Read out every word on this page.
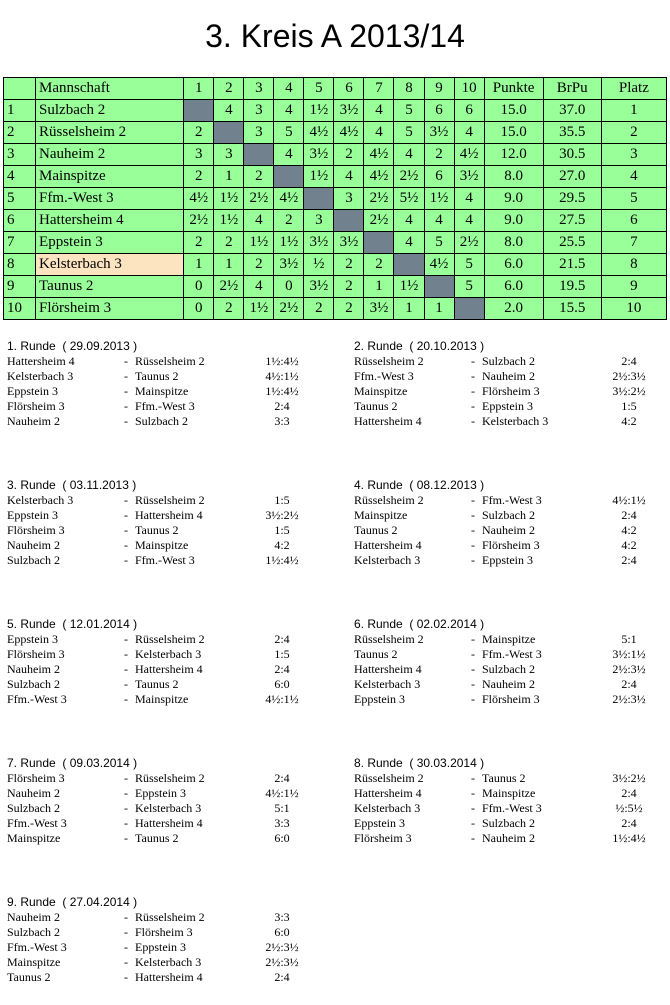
3. Kreis A 2013/14
	Mannschaft	1	2	3	4	5	6	7	8	9	10	Punkte	BrPu	Platz
1	Sulzbach 2		4	3	4	1½	3½	4	5	6	6	15.0	37.0	1
2	Rüsselsheim 2	2		3	5	4½	4½	4	5	3½	4	15.0	35.5	2
3	Nauheim 2	3	3		4	3½	2	4½	4	2	4½	12.0	30.5	3
4	Mainspitze	2	1	2		1½	4	4½	2½	6	3½	8.0	27.0	4
5	Ffm.-West 3	4½	1½	2½	4½		3	2½	5½	1½	4	9.0	29.5	5
6	Hattersheim 4	2½	1½	4	2	3		2½	4	4	4	9.0	27.5	6
7	Eppstein 3	2	2	1½	1½	3½	3½		4	5	2½	8.0	25.5	7
8	Kelsterbach 3	1	1	2	3½	½	2	2		4½	5	6.0	21.5	8
9	Taunus 2	0	2½	4	0	3½	2	1	1½		5	6.0	19.5	9
10	Flörsheim 3	0	2	1½	2½	2	2	3½	1	1		2.0	15.5	10
1. Runde  ( 29.09.2013 )
Hattersheim 4	- Rüsselsheim 2	1½:4½
Kelsterbach 3	- Taunus 2	4½:1½
Eppstein 3	- Mainspitze	1½:4½
Flörsheim 3	- Ffm.-West 3	2:4
Nauheim 2	- Sulzbach 2	3:3
2. Runde  ( 20.10.2013 )
Rüsselsheim 2	- Sulzbach 2	2:4
Ffm.-West 3	- Nauheim 2	2½:3½
Mainspitze	- Flörsheim 3	3½:2½
Taunus 2	- Eppstein 3	1:5
Hattersheim 4	- Kelsterbach 3	4:2
3. Runde  ( 03.11.2013 )
Kelsterbach 3	- Rüsselsheim 2	1:5
Eppstein 3	- Hattersheim 4	3½:2½
Flörsheim 3	- Taunus 2	1:5
Nauheim 2	- Mainspitze	4:2
Sulzbach 2	- Ffm.-West 3	1½:4½
4. Runde  ( 08.12.2013 )
Rüsselsheim 2	- Ffm.-West 3	4½:1½
Mainspitze	- Sulzbach 2	2:4
Taunus 2	- Nauheim 2	4:2
Hattersheim 4	- Flörsheim 3	4:2
Kelsterbach 3	- Eppstein 3	2:4
5. Runde  ( 12.01.2014 )
Eppstein 3	- Rüsselsheim 2	2:4
Flörsheim 3	- Kelsterbach 3	1:5
Nauheim 2	- Hattersheim 4	2:4
Sulzbach 2	- Taunus 2	6:0
Ffm.-West 3	- Mainspitze	4½:1½
6. Runde  ( 02.02.2014 )
Rüsselsheim 2	- Mainspitze	5:1
Taunus 2	- Ffm.-West 3	3½:1½
Hattersheim 4	- Sulzbach 2	2½:3½
Kelsterbach 3	- Nauheim 2	2:4
Eppstein 3	- Flörsheim 3	2½:3½
7. Runde  ( 09.03.2014 )
Flörsheim 3	- Rüsselsheim 2	2:4
Nauheim 2	- Eppstein 3	4½:1½
Sulzbach 2	- Kelsterbach 3	5:1
Ffm.-West 3	- Hattersheim 4	3:3
Mainspitze	- Taunus 2	6:0
8. Runde  ( 30.03.2014 )
Rüsselsheim 2	- Taunus 2	3½:2½
Hattersheim 4	- Mainspitze	2:4
Kelsterbach 3	- Ffm.-West 3	½:5½
Eppstein 3	- Sulzbach 2	2:4
Flörsheim 3	- Nauheim 2	1½:4½
9. Runde  ( 27.04.2014 )
Nauheim 2	- Rüsselsheim 2	3:3
Sulzbach 2	- Flörsheim 3	6:0
Ffm.-West 3	- Eppstein 3	2½:3½
Mainspitze	- Kelsterbach 3	2½:3½
Taunus 2	- Hattersheim 4	2:4
